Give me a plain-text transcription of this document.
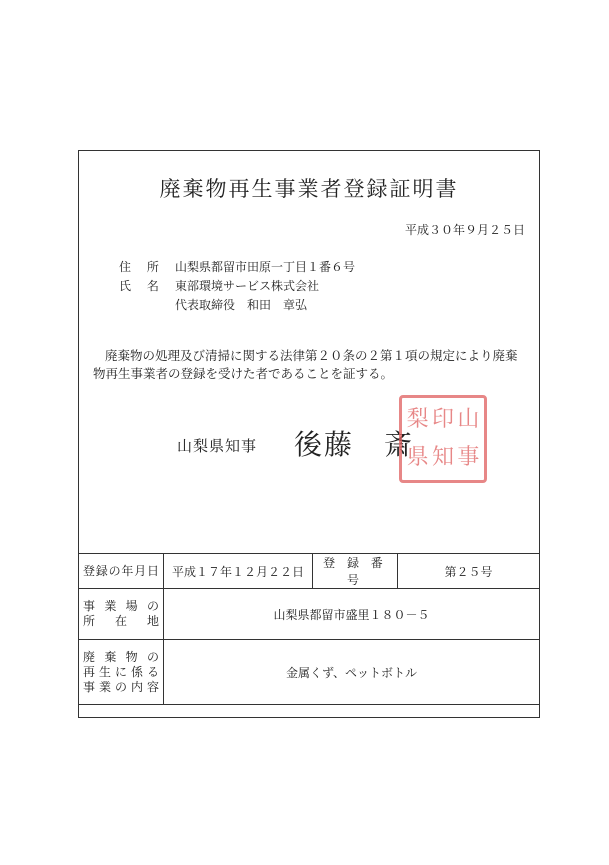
廃棄物再生事業者登録証明書
平成３０年９月２５日
住 所 山梨県都留市田原一丁目１番６号
氏 名 東部環境サービス株式会社
代表取締役　和田　章弘
廃棄物の処理及び清掃に関する法律第２０条の２第１項の規定により廃棄物再生事業者の登録を受けた者であることを証する。
山梨県知事 後藤 斎
梨 印 山
県 知 事
登録の年月日	平成１７年１２月２２日	登 録 番 号	第２５号

事 業 場 の
所　在　地	山梨県都留市盛里１８０－５		

廃 棄 物 の
再 生 に 係 る
事 業 の 内 容	金属くず、ペットボトル		
